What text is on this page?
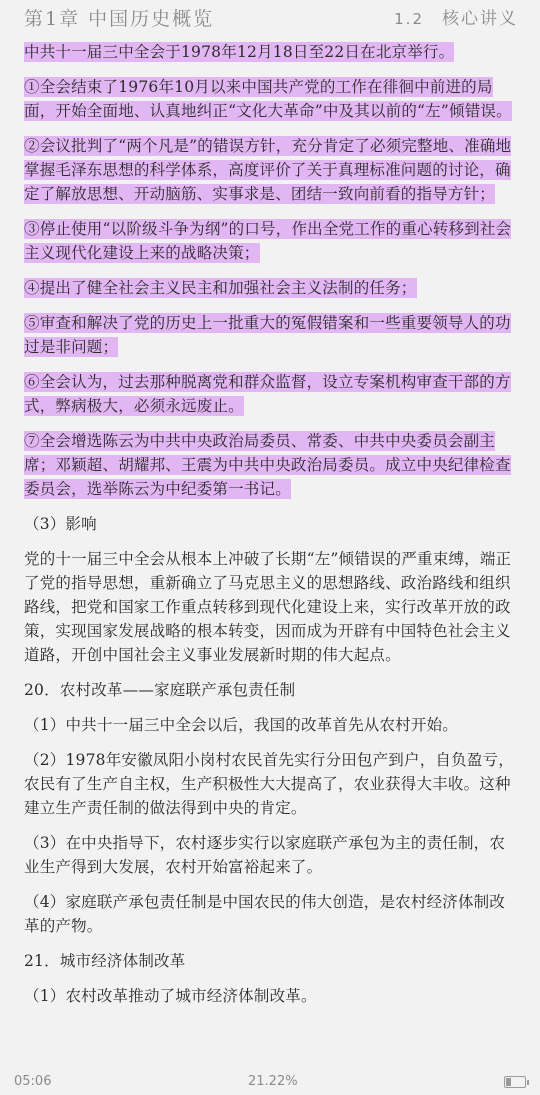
第1章 中国历史概览	1.2 核心讲义

中共十一届三中全会于1978年12月18日至22日在北京举行。

①全会结束了1976年10月以来中国共产党的工作在徘徊中前进的局面，开始全面地、认真地纠正“文化大革命”中及其以前的“左”倾错误。

②会议批判了“两个凡是”的错误方针，充分肯定了必须完整地、准确地掌握毛泽东思想的科学体系，高度评价了关于真理标准问题的讨论，确定了解放思想、开动脑筋、实事求是、团结一致向前看的指导方针；

③停止使用“以阶级斗争为纲”的口号，作出全党工作的重心转移到社会主义现代化建设上来的战略决策；

④提出了健全社会主义民主和加强社会主义法制的任务；

⑤审查和解决了党的历史上一批重大的冤假错案和一些重要领导人的功过是非问题；

⑥全会认为，过去那种脱离党和群众监督，设立专案机构审查干部的方式，弊病极大，必须永远废止。

⑦全会增选陈云为中共中央政治局委员、常委、中共中央委员会副主席；邓颖超、胡耀邦、王震为中共中央政治局委员。成立中央纪律检查委员会，选举陈云为中纪委第一书记。

（3）影响

党的十一届三中全会从根本上冲破了长期“左”倾错误的严重束缚，端正了党的指导思想，重新确立了马克思主义的思想路线、政治路线和组织路线，把党和国家工作重点转移到现代化建设上来，实行改革开放的政策，实现国家发展战略的根本转变，因而成为开辟有中国特色社会主义道路，开创中国社会主义事业发展新时期的伟大起点。

20．农村改革——家庭联产承包责任制

（1）中共十一届三中全会以后，我国的改革首先从农村开始。

（2）1978年安徽凤阳小岗村农民首先实行分田包产到户，自负盈亏，农民有了生产自主权，生产积极性大大提高了，农业获得大丰收。这种建立生产责任制的做法得到中央的肯定。

（3）在中央指导下，农村逐步实行以家庭联产承包为主的责任制，农业生产得到大发展，农村开始富裕起来了。

（4）家庭联产承包责任制是中国农民的伟大创造，是农村经济体制改革的产物。

21．城市经济体制改革

（1）农村改革推动了城市经济体制改革。

05:06	21.22%
